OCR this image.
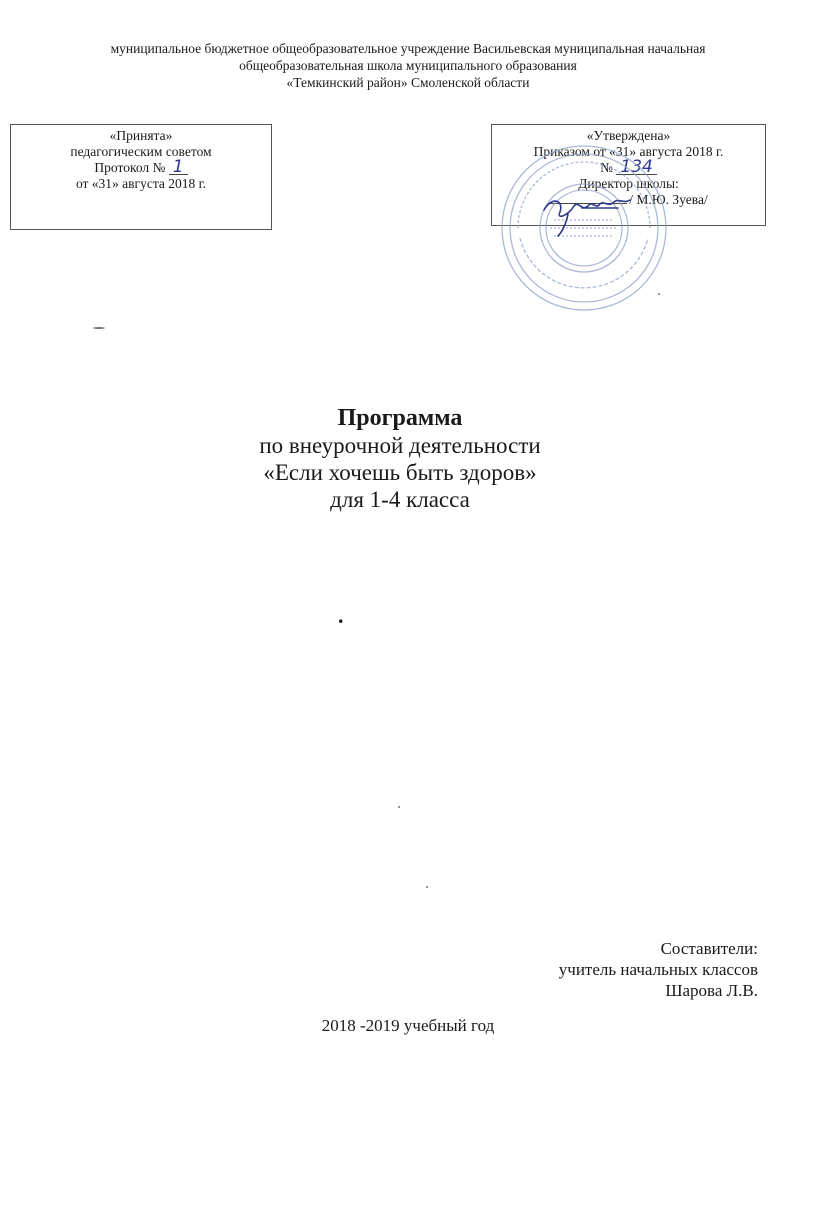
муниципальное бюджетное общеобразовательное учреждение Васильевская муниципальная начальная
общеобразовательная школа муниципального образования
«Темкинский район» Смоленской области
«Принята»
педагогическим советом
Протокол № 1
от «31» августа 2018 г.
«Утверждена»
Приказом от «31» августа 2018 г.
№ 134
Директор школы:
/ М.Ю. Зуева/
Программа
по внеурочной деятельности
«Если хочешь быть здоров»
для 1-4 класса
.
Составители:
учитель начальных классов
Шарова Л.В.
2018 -2019 учебный год
